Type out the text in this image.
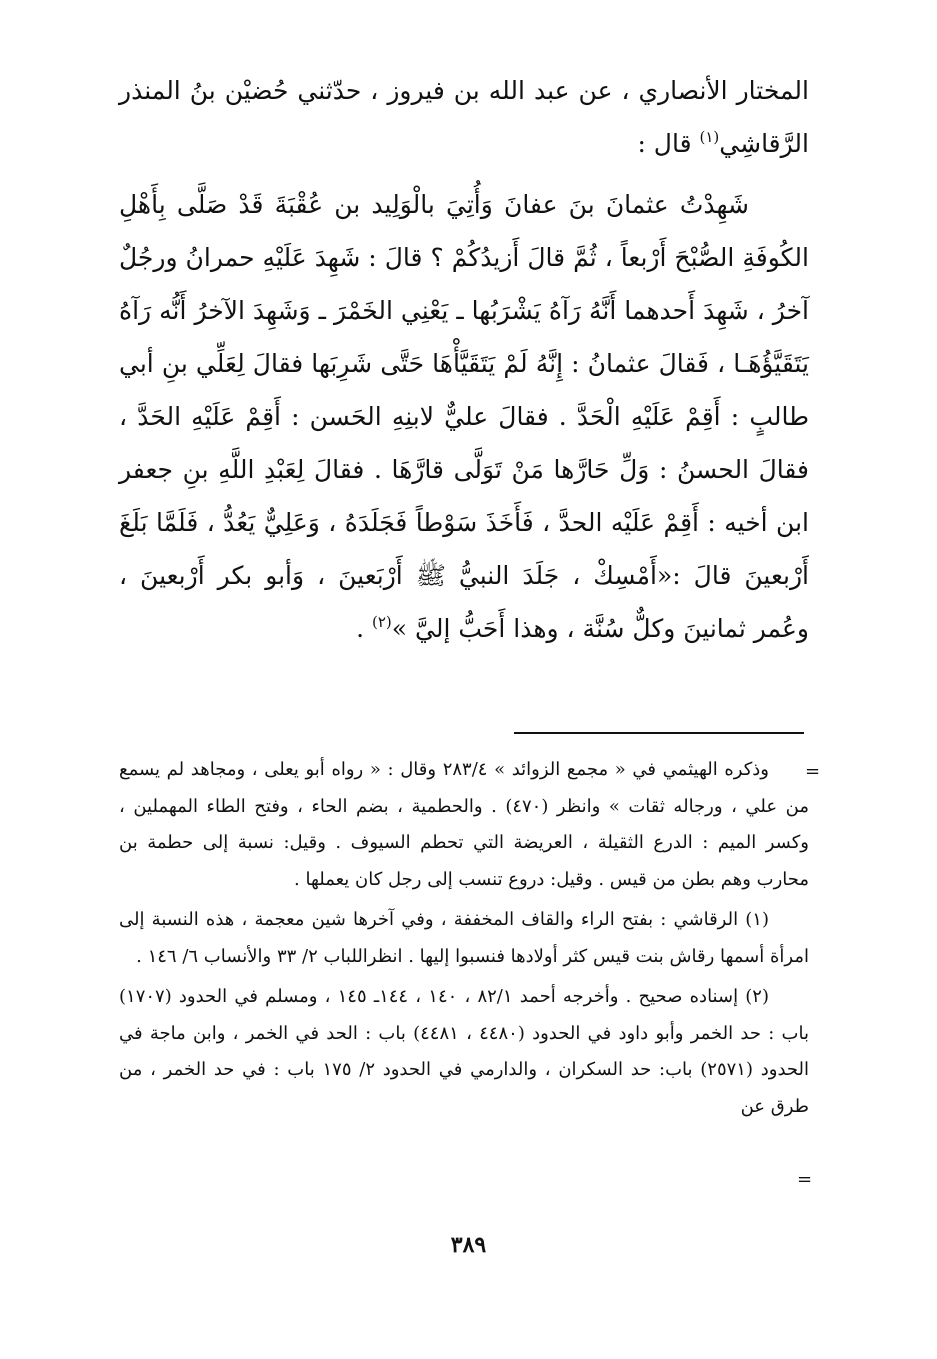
المختار الأنصاري ، عن عبد الله بن فيروز ، حدّثني حُضيْن بنُ المنذر الرَّقاشِي$^{(١)}$ قال :

شَهِدْتُ عثمانَ بنَ عفانَ وَأُتِيَ بالْوَلِيد بن عُقْبَةَ قَدْ صَلَّى بِأَهْلِ الكُوفَةِ الصُّبْحَ أَرْبعاً ، ثُمَّ قالَ أَزيدُكُمْ ؟ قالَ : شَهِدَ عَلَيْهِ حمرانُ ورجُلٌ آخرُ ، شَهِدَ أَحدهما أَنَّهُ رَآهُ يَشْرَبُها ـ يَعْنِي الخَمْرَ ـ وَشَهِدَ الآخرُ أَنُّه رَآهُ يَتَقَيَّؤُهَـا ، فَقالَ عثمانُ : إِنَّهُ لَمْ يَتَقَيَّأْهَا حَتَّى شَرِبَها فقالَ لِعَلِّي بنِ أبي طالبٍ : أَقِمْ عَلَيْهِ الْحَدَّ . فقالَ عليٌّ لابنِهِ الحَسن : أَقِمْ عَلَيْهِ الحَدَّ ، فقالَ الحسنُ : وَلِّ حَارَّها مَنْ تَوَلَّى قارَّهَا . فقالَ لِعَبْدِ اللَّهِ بنِ جعفر ابن أخيه : أَقِمْ عَلَيْه الحدَّ ، فَأَخَذَ سَوْطاً فَجَلَدَهُ ، وَعَلِيٌّ يَعُدُّ ، فَلَمَّا بَلَغَ أَرْبعينَ قالَ :«أَمْسِكْ ، جَلَدَ النبيُّ ﷺ أَرْبَعينَ ، وَأبو بكر أَرْبعينَ ، وعُمر ثمانينَ وكلٌّ سُنَّة ، وهذا أَحَبُّ إليَّ »$^{(٢)}$ .

=

وذكره الهيثمي في « مجمع الزوائد » ٢٨٣/٤ وقال : « رواه أبو يعلى ، ومجاهد لم يسمع من علي ، ورجاله ثقات » وانظر (٤٧٠) . والحطمية ، بضم الحاء ، وفتح الطاء المهملين ، وكسر الميم : الدرع الثقيلة ، العريضة التي تحطم السيوف . وقيل: نسبة إلى حطمة بن محارب وهم بطن من قيس . وقيل: دروع تنسب إلى رجل كان يعملها .

(١) الرقاشي : بفتح الراء والقاف المخففة ، وفي آخرها شين معجمة ، هذه النسبة إلى امرأة أسمها رقاش بنت قيس كثر أولادها فنسبوا إليها . انظراللباب ٢/ ٣٣ والأنساب ٦/ ١٤٦ .

(٢) إسناده صحيح . وأخرجه أحمد ٨٢/١ ، ١٤٠ ، ١٤٤ـ ١٤٥ ، ومسلم في الحدود (١٧٠٧) باب : حد الخمر وأبو داود في الحدود (٤٤٨٠ ، ٤٤٨١) باب : الحد في الخمر ، وابن ماجة في الحدود (٢٥٧١) باب: حد السكران ، والدارمي في الحدود ٢/ ١٧٥ باب : في حد الخمر ، من طرق عن

=
٣٨٩
